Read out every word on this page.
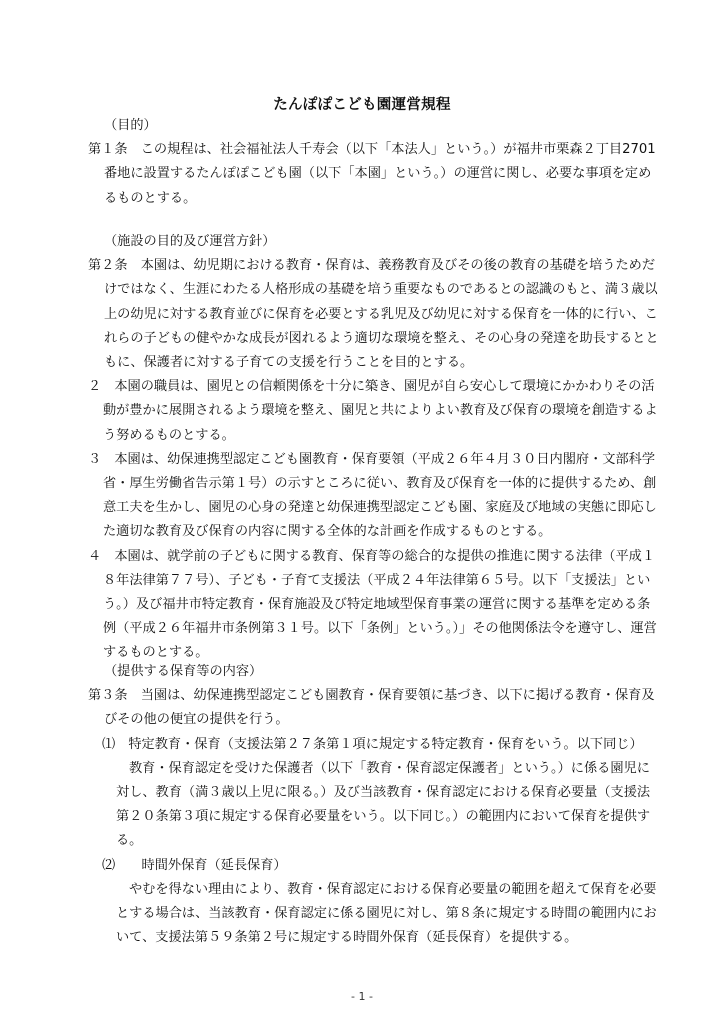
たんぽぽこども園運営規程
（目的）
第１条　この規程は、社会福祉法人千寿会（以下「本法人」という。）が福井市栗森２丁目2701番地に設置するたんぽぽこども園（以下「本園」という。）の運営に関し、必要な事項を定めるものとする。
（施設の目的及び運営方針）
第２条　本園は、幼児期における教育・保育は、義務教育及びその後の教育の基礎を培うためだけではなく、生涯にわたる人格形成の基礎を培う重要なものであるとの認識のもと、満３歳以上の幼児に対する教育並びに保育を必要とする乳児及び幼児に対する保育を一体的に行い、これらの子どもの健やかな成長が図れるよう適切な環境を整え、その心身の発達を助長するとともに、保護者に対する子育ての支援を行うことを目的とする。
２　本園の職員は、園児との信頼関係を十分に築き、園児が自ら安心して環境にかかわりその活動が豊かに展開されるよう環境を整え、園児と共によりよい教育及び保育の環境を創造するよう努めるものとする。
３　本園は、幼保連携型認定こども園教育・保育要領（平成２６年４月３０日内閣府・文部科学省・厚生労働省告示第１号）の示すところに従い、教育及び保育を一体的に提供するため、創意工夫を生かし、園児の心身の発達と幼保連携型認定こども園、家庭及び地域の実態に即応した適切な教育及び保育の内容に関する全体的な計画を作成するものとする。
４　本園は、就学前の子どもに関する教育、保育等の総合的な提供の推進に関する法律（平成１８年法律第７７号）、子ども・子育て支援法（平成２４年法律第６５号。以下「支援法」という。）及び福井市特定教育・保育施設及び特定地域型保育事業の運営に関する基準を定める条例（平成２６年福井市条例第３１号。以下「条例」という。）」その他関係法令を遵守し、運営するものとする。
（提供する保育等の内容）
第３条　当園は、幼保連携型認定こども園教育・保育要領に基づき、以下に掲げる教育・保育及びその他の便宜の提供を行う。
⑴　特定教育・保育（支援法第２７条第１項に規定する特定教育・保育をいう。以下同じ）
教育・保育認定を受けた保護者（以下「教育・保育認定保護者」という。）に係る園児に対し、教育（満３歳以上児に限る。）及び当該教育・保育認定における保育必要量（支援法第２０条第３項に規定する保育必要量をいう。以下同じ。）の範囲内において保育を提供する。
⑵　　時間外保育（延長保育）
やむを得ない理由により、教育・保育認定における保育必要量の範囲を超えて保育を必要とする場合は、当該教育・保育認定に係る園児に対し、第８条に規定する時間の範囲内において、支援法第５９条第２号に規定する時間外保育（延長保育）を提供する。
- 1 -
